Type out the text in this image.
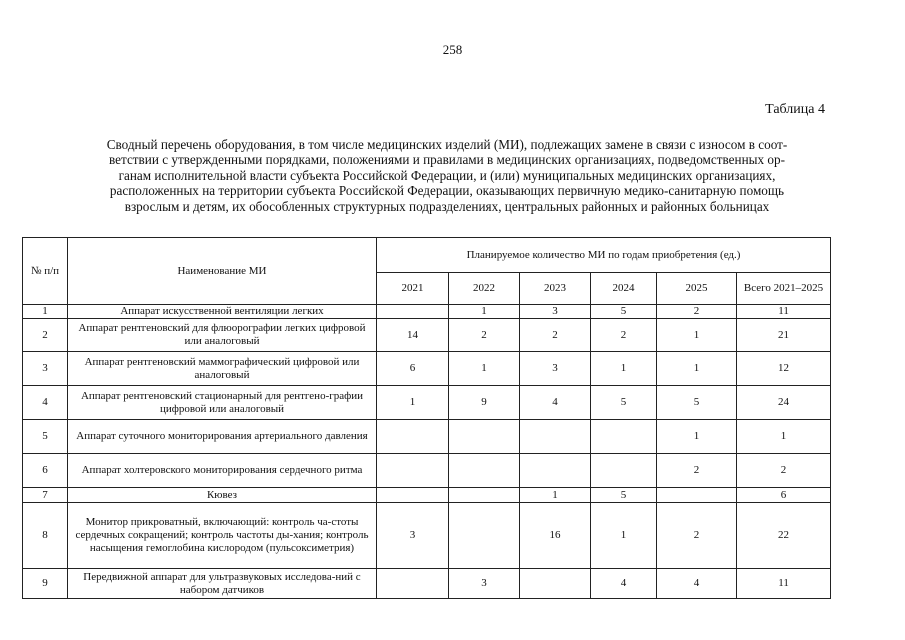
258
Таблица 4
Сводный перечень оборудования, в том числе медицинских изделий (МИ), подлежащих замене в связи с износом в соот-
ветствии с утвержденными порядками, положениями и правилами в медицинских организациях, подведомственных ор-
ганам исполнительной власти субъекта Российской Федерации, и (или) муниципальных медицинских организациях,
расположенных на территории субъекта Российской Федерации, оказывающих первичную медико-санитарную помощь
взрослым и детям, их обособленных структурных подразделениях, центральных районных и районных больницах
№ п/п	Наименование МИ	Планируемое количество МИ по годам приобретения (ед.)					
		2021	2022	2023	2024	2025	Всего 2021–2025
1	Аппарат искусственной вентиляции легких		1	3	5	2	11
2	Аппарат рентгеновский для флюорографии легких цифровой или аналоговый	14	2	2	2	1	21
3	Аппарат рентгеновский маммографический цифровой или аналоговый	6	1	3	1	1	12
4	Аппарат рентгеновский стационарный для рентгено-графии цифровой или аналоговый	1	9	4	5	5	24
5	Аппарат суточного мониторирования артериального давления					1	1
6	Аппарат холтеровского мониторирования сердечного ритма					2	2
7	Кювез			1	5		6
8	Монитор прикроватный, включающий: контроль ча-стоты сердечных сокращений; контроль частоты ды-хания; контроль насыщения гемоглобина кислородом (пульсоксиметрия)	3		16	1	2	22
9	Передвижной аппарат для ультразвуковых исследова-ний с набором датчиков		3		4	4	11
